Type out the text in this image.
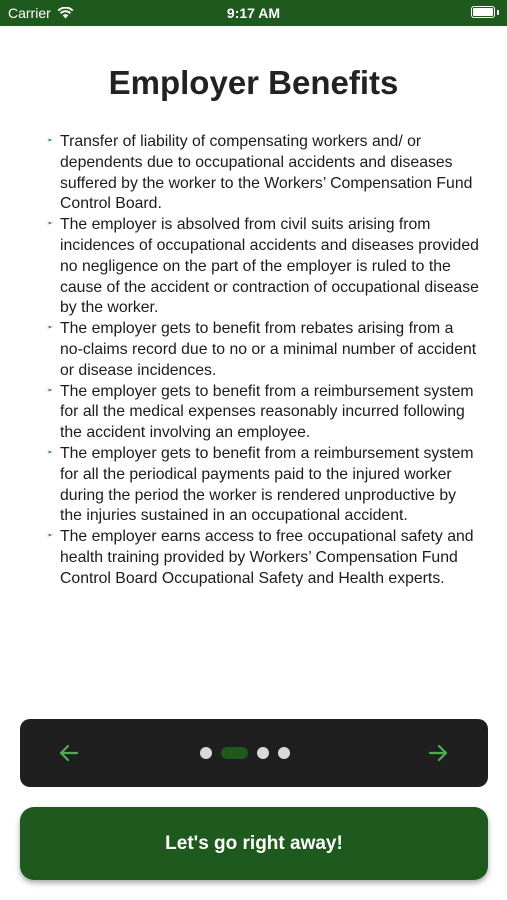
Carrier	9:17 AM
Employer Benefits
Transfer of liability of compensating workers and/ or dependents due to occupational accidents and diseases suffered by the worker to the Workers’ Compensation Fund Control Board.
The employer is absolved from civil suits arising from incidences of occupational accidents and diseases provided no negligence on the part of the employer is ruled to the cause of the accident or contraction of occupational disease by the worker.
The employer gets to benefit from rebates arising from a no-claims record due to no or a minimal number of accident or disease incidences.
The employer gets to benefit from a reimbursement system for all the medical expenses reasonably incurred following the accident involving an employee.
The employer gets to benefit from a reimbursement system for all the periodical payments paid to the injured worker during the period the worker is rendered unproductive by the injuries sustained in an occupational accident.
The employer earns access to free occupational safety and health training provided by Workers’ Compensation Fund Control Board Occupational Safety and Health experts.
Let's go right away!
